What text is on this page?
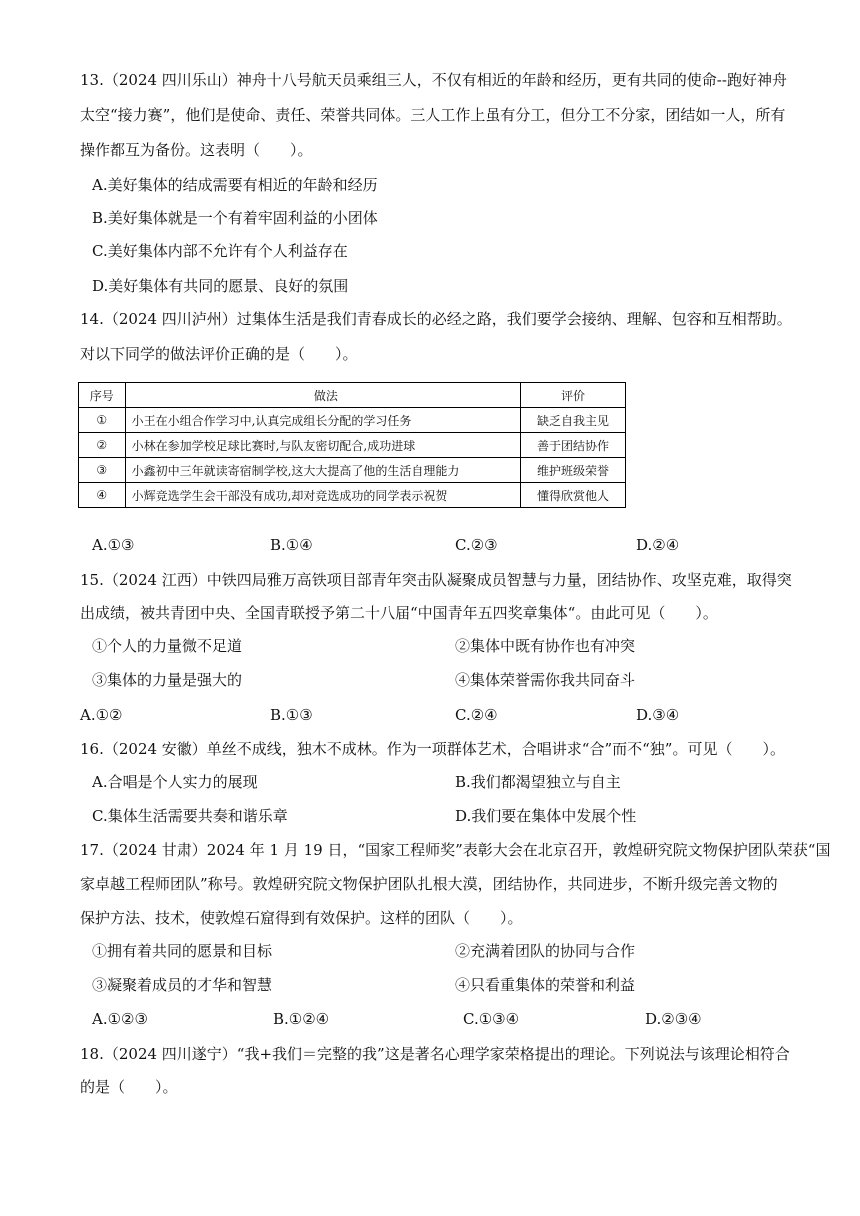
13.（2024 四川乐山）神舟十八号航天员乘组三人，不仅有相近的年龄和经历，更有共同的使命--跑好神舟
太空“接力赛”，他们是使命、责任、荣誉共同体。三人工作上虽有分工，但分工不分家，团结如一人，所有
操作都互为备份。这表明（　　）。
A.美好集体的结成需要有相近的年龄和经历
B.美好集体就是一个有着牢固利益的小团体
C.美好集体内部不允许有个人利益存在
D.美好集体有共同的愿景、良好的氛围
14.（2024 四川泸州）过集体生活是我们青春成长的必经之路，我们要学会接纳、理解、包容和互相帮助。
对以下同学的做法评价正确的是（　　）。
序号	做法	评价
①	小王在小组合作学习中,认真完成组长分配的学习任务	缺乏自我主见
②	小林在参加学校足球比赛时,与队友密切配合,成功进球	善于团结协作
③	小鑫初中三年就读寄宿制学校,这大大提高了他的生活自理能力	维护班级荣誉
④	小辉竞选学生会干部没有成功,却对竞选成功的同学表示祝贺	懂得欣赏他人
A.①③	B.①④	C.②③	D.②④
15.（2024 江西）中铁四局雅万高铁项目部青年突击队凝聚成员智慧与力量，团结协作、攻坚克难，取得突
出成绩，被共青团中央、全国青联授予第二十八届“中国青年五四奖章集体“。由此可见（　　）。
①个人的力量微不足道	②集体中既有协作也有冲突
③集体的力量是强大的	④集体荣誉需你我共同奋斗
A.①②	B.①③	C.②④	D.③④
16.（2024 安徽）单丝不成线，独木不成林。作为一项群体艺术，合唱讲求“合”而不“独”。可见（　　）。
A.合唱是个人实力的展现	B.我们都渴望独立与自主
C.集体生活需要共奏和谐乐章	D.我们要在集体中发展个性
17.（2024 甘肃）2024 年 1 月 19 日，“国家工程师奖”表彰大会在北京召开，敦煌研究院文物保护团队荣获“国
家卓越工程师团队”称号。敦煌研究院文物保护团队扎根大漠，团结协作，共同进步，不断升级完善文物的
保护方法、技术，使敦煌石窟得到有效保护。这样的团队（　　）。
①拥有着共同的愿景和目标	②充满着团队的协同与合作
③凝聚着成员的才华和智慧	④只看重集体的荣誉和利益
A.①②③	B.①②④	C.①③④	D.②③④
18.（2024 四川遂宁）“我+我们＝完整的我”这是著名心理学家荣格提出的理论。下列说法与该理论相符合
的是（　　）。
